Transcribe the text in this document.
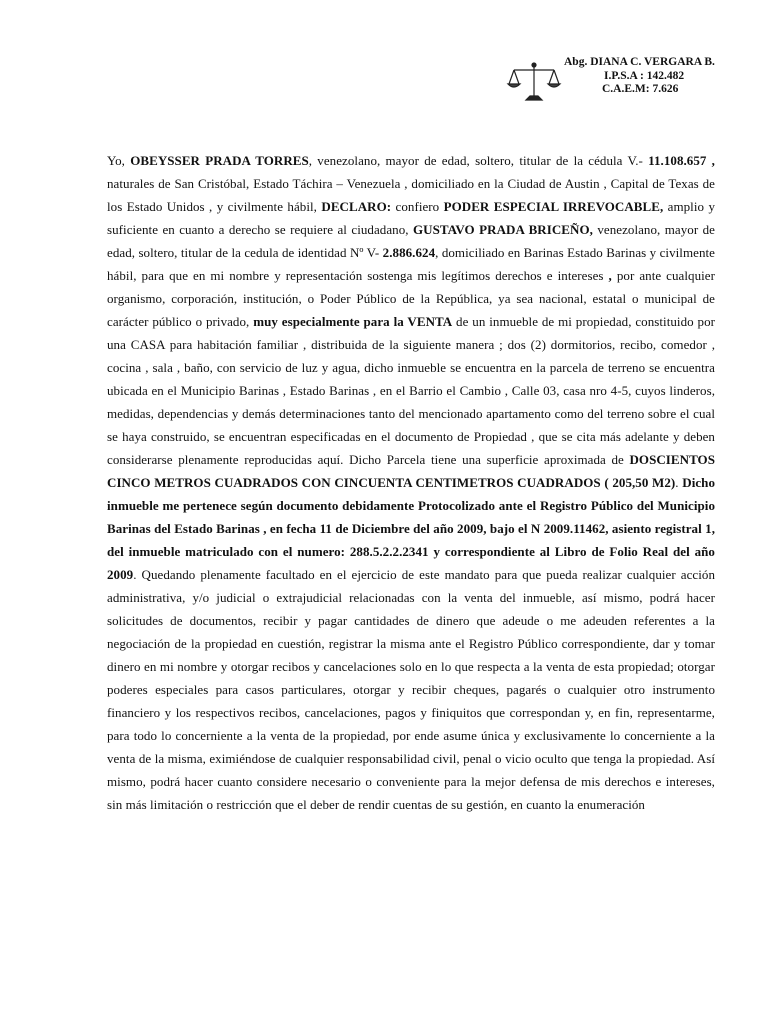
Abg. DIANA C. VERGARA B.
I.P.S.A : 142.482
C.A.E.M: 7.626

Yo, OBEYSSER PRADA TORRES, venezolano, mayor de edad, soltero, titular de la cédula V.- 11.108.657 , naturales de San Cristóbal, Estado Táchira – Venezuela , domiciliado en la Ciudad de Austin , Capital de Texas de los Estado Unidos , y civilmente hábil, DECLARO: confiero PODER ESPECIAL IRREVOCABLE, amplio y suficiente en cuanto a derecho se requiere al ciudadano, GUSTAVO PRADA BRICEÑO, venezolano, mayor de edad, soltero, titular de la cedula de identidad Nº V- 2.886.624, domiciliado en Barinas Estado Barinas y civilmente hábil, para que en mi nombre y representación sostenga mis legítimos derechos e intereses , por ante cualquier organismo, corporación, institución, o Poder Público de la República, ya sea nacional, estatal o municipal de carácter público o privado, muy especialmente para la VENTA de un inmueble de mi propiedad, constituido por una CASA para habitación familiar , distribuida de la siguiente manera ; dos (2) dormitorios, recibo, comedor , cocina , sala , baño, con servicio de luz y agua, dicho inmueble se encuentra en la parcela de terreno se encuentra ubicada en el Municipio Barinas , Estado Barinas , en el Barrio el Cambio , Calle 03, casa nro 4-5, cuyos linderos, medidas, dependencias y demás determinaciones tanto del mencionado apartamento como del terreno sobre el cual se haya construido, se encuentran especificadas en el documento de Propiedad , que se cita más adelante y deben considerarse plenamente reproducidas aquí. Dicho Parcela tiene una superficie aproximada de DOSCIENTOS CINCO METROS CUADRADOS CON CINCUENTA CENTIMETROS CUADRADOS ( 205,50 M2). Dicho inmueble me pertenece según documento debidamente Protocolizado ante el Registro Público del Municipio Barinas del Estado Barinas , en fecha 11 de Diciembre del año 2009, bajo el N 2009.11462, asiento registral 1, del inmueble matriculado con el numero: 288.5.2.2.2341 y correspondiente al Libro de Folio Real del año 2009. Quedando plenamente facultado en el ejercicio de este mandato para que pueda realizar cualquier acción administrativa, y/o judicial o extrajudicial relacionadas con la venta del inmueble, así mismo, podrá hacer solicitudes de documentos, recibir y pagar cantidades de dinero que adeude o me adeuden referentes a la negociación de la propiedad en cuestión, registrar la misma ante el Registro Público correspondiente, dar y tomar dinero en mi nombre y otorgar recibos y cancelaciones solo en lo que respecta a la venta de esta propiedad; otorgar poderes especiales para casos particulares, otorgar y recibir cheques, pagarés o cualquier otro instrumento financiero y los respectivos recibos, cancelaciones, pagos y finiquitos que correspondan y, en fin, representarme, para todo lo concerniente a la venta de la propiedad, por ende asume única y exclusivamente lo concerniente a la venta de la misma, eximiéndose de cualquier responsabilidad civil, penal o vicio oculto que tenga la propiedad. Así mismo, podrá hacer cuanto considere necesario o conveniente para la mejor defensa de mis derechos e intereses, sin más limitación o restricción que el deber de rendir cuentas de su gestión, en cuanto la enumeración
